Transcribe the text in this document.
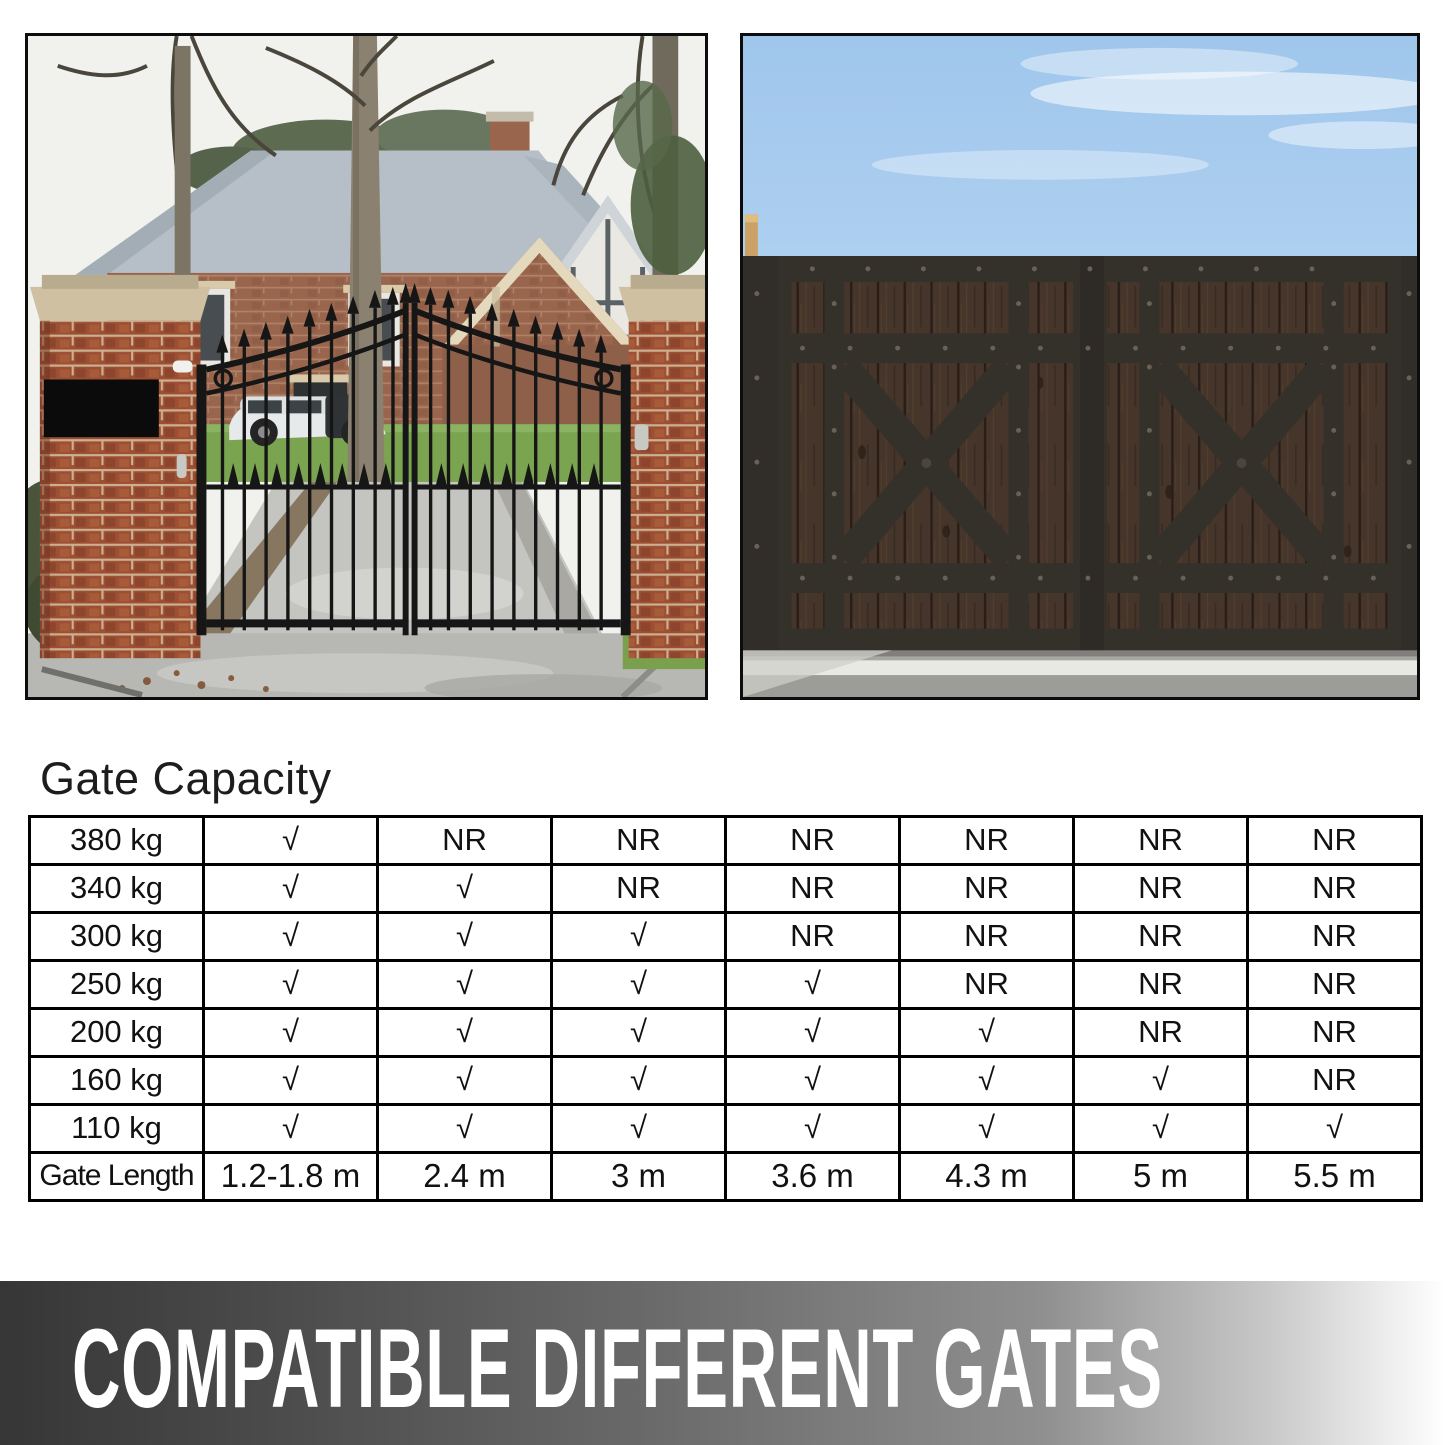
Gate Capacity
380 kg	√	NR	NR	NR	NR	NR	NR
340 kg	√	√	NR	NR	NR	NR	NR
300 kg	√	√	√	NR	NR	NR	NR
250 kg	√	√	√	√	NR	NR	NR
200 kg	√	√	√	√	√	NR	NR
160 kg	√	√	√	√	√	√	NR
110 kg	√	√	√	√	√	√	√
Gate Length	1.2-1.8 m	2.4 m	3 m	3.6 m	4.3 m	5 m	5.5 m
COMPATIBLE DIFFERENT GATES
